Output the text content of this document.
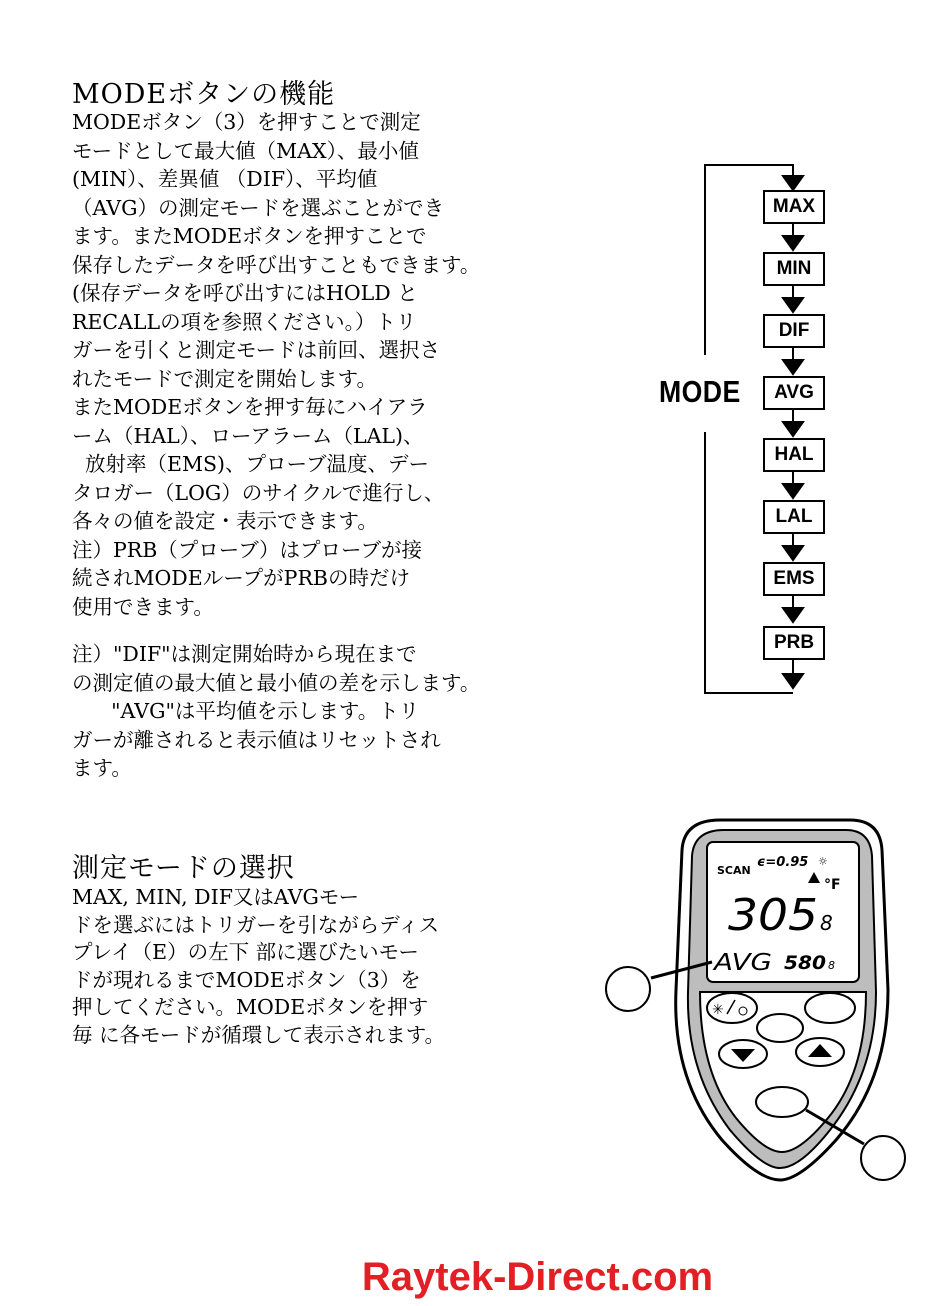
MODEボタンの機能
MODEボタン（3）を押すことで測定
モードとして最大値（MAX）、最小値
(MIN）、差異値 （DIF）、平均値
（AVG）の測定モードを選ぶことができ
ます。またMODEボタンを押すことで
保存したデータを呼び出すこともできます。
(保存データを呼び出すにはHOLD と
RECALLの項を参照ください。）トリ
ガーを引くと測定モードは前回、選択さ
れたモードで測定を開始します。
またMODEボタンを押す毎にハイアラ
ーム（HAL）、ローアラーム（LAL)、
放射率（EMS)、プローブ温度、デー
タロガー（LOG）のサイクルで進行し、
各々の値を設定・表示できます。
注）PRB（プローブ）はプローブが接
続されMODEループがPRBの時だけ
使用できます。
注）"DIF"は測定開始時から現在まで
の測定値の最大値と最小値の差を示します。
"AVG"は平均値を示します。トリ
ガーが離されると表示値はリセットされ
ます。
MODE
MAX
MIN
DIF
AVG
HAL
LAL
EMS
PRB
測定モードの選択
MAX, MIN, DIF又はAVGモー
ドを選ぶにはトリガーを引ながらディス
プレイ（E）の左下 部に選びたいモー
ドが現れるまでMODEボタン（3）を
押してください。MODEボタンを押す
毎 に各モードが循環して表示されます。
✳
SCAN
ϵ=0.95 ☼
°F
305 8
AVG 580 8
Raytek-Direct.com
